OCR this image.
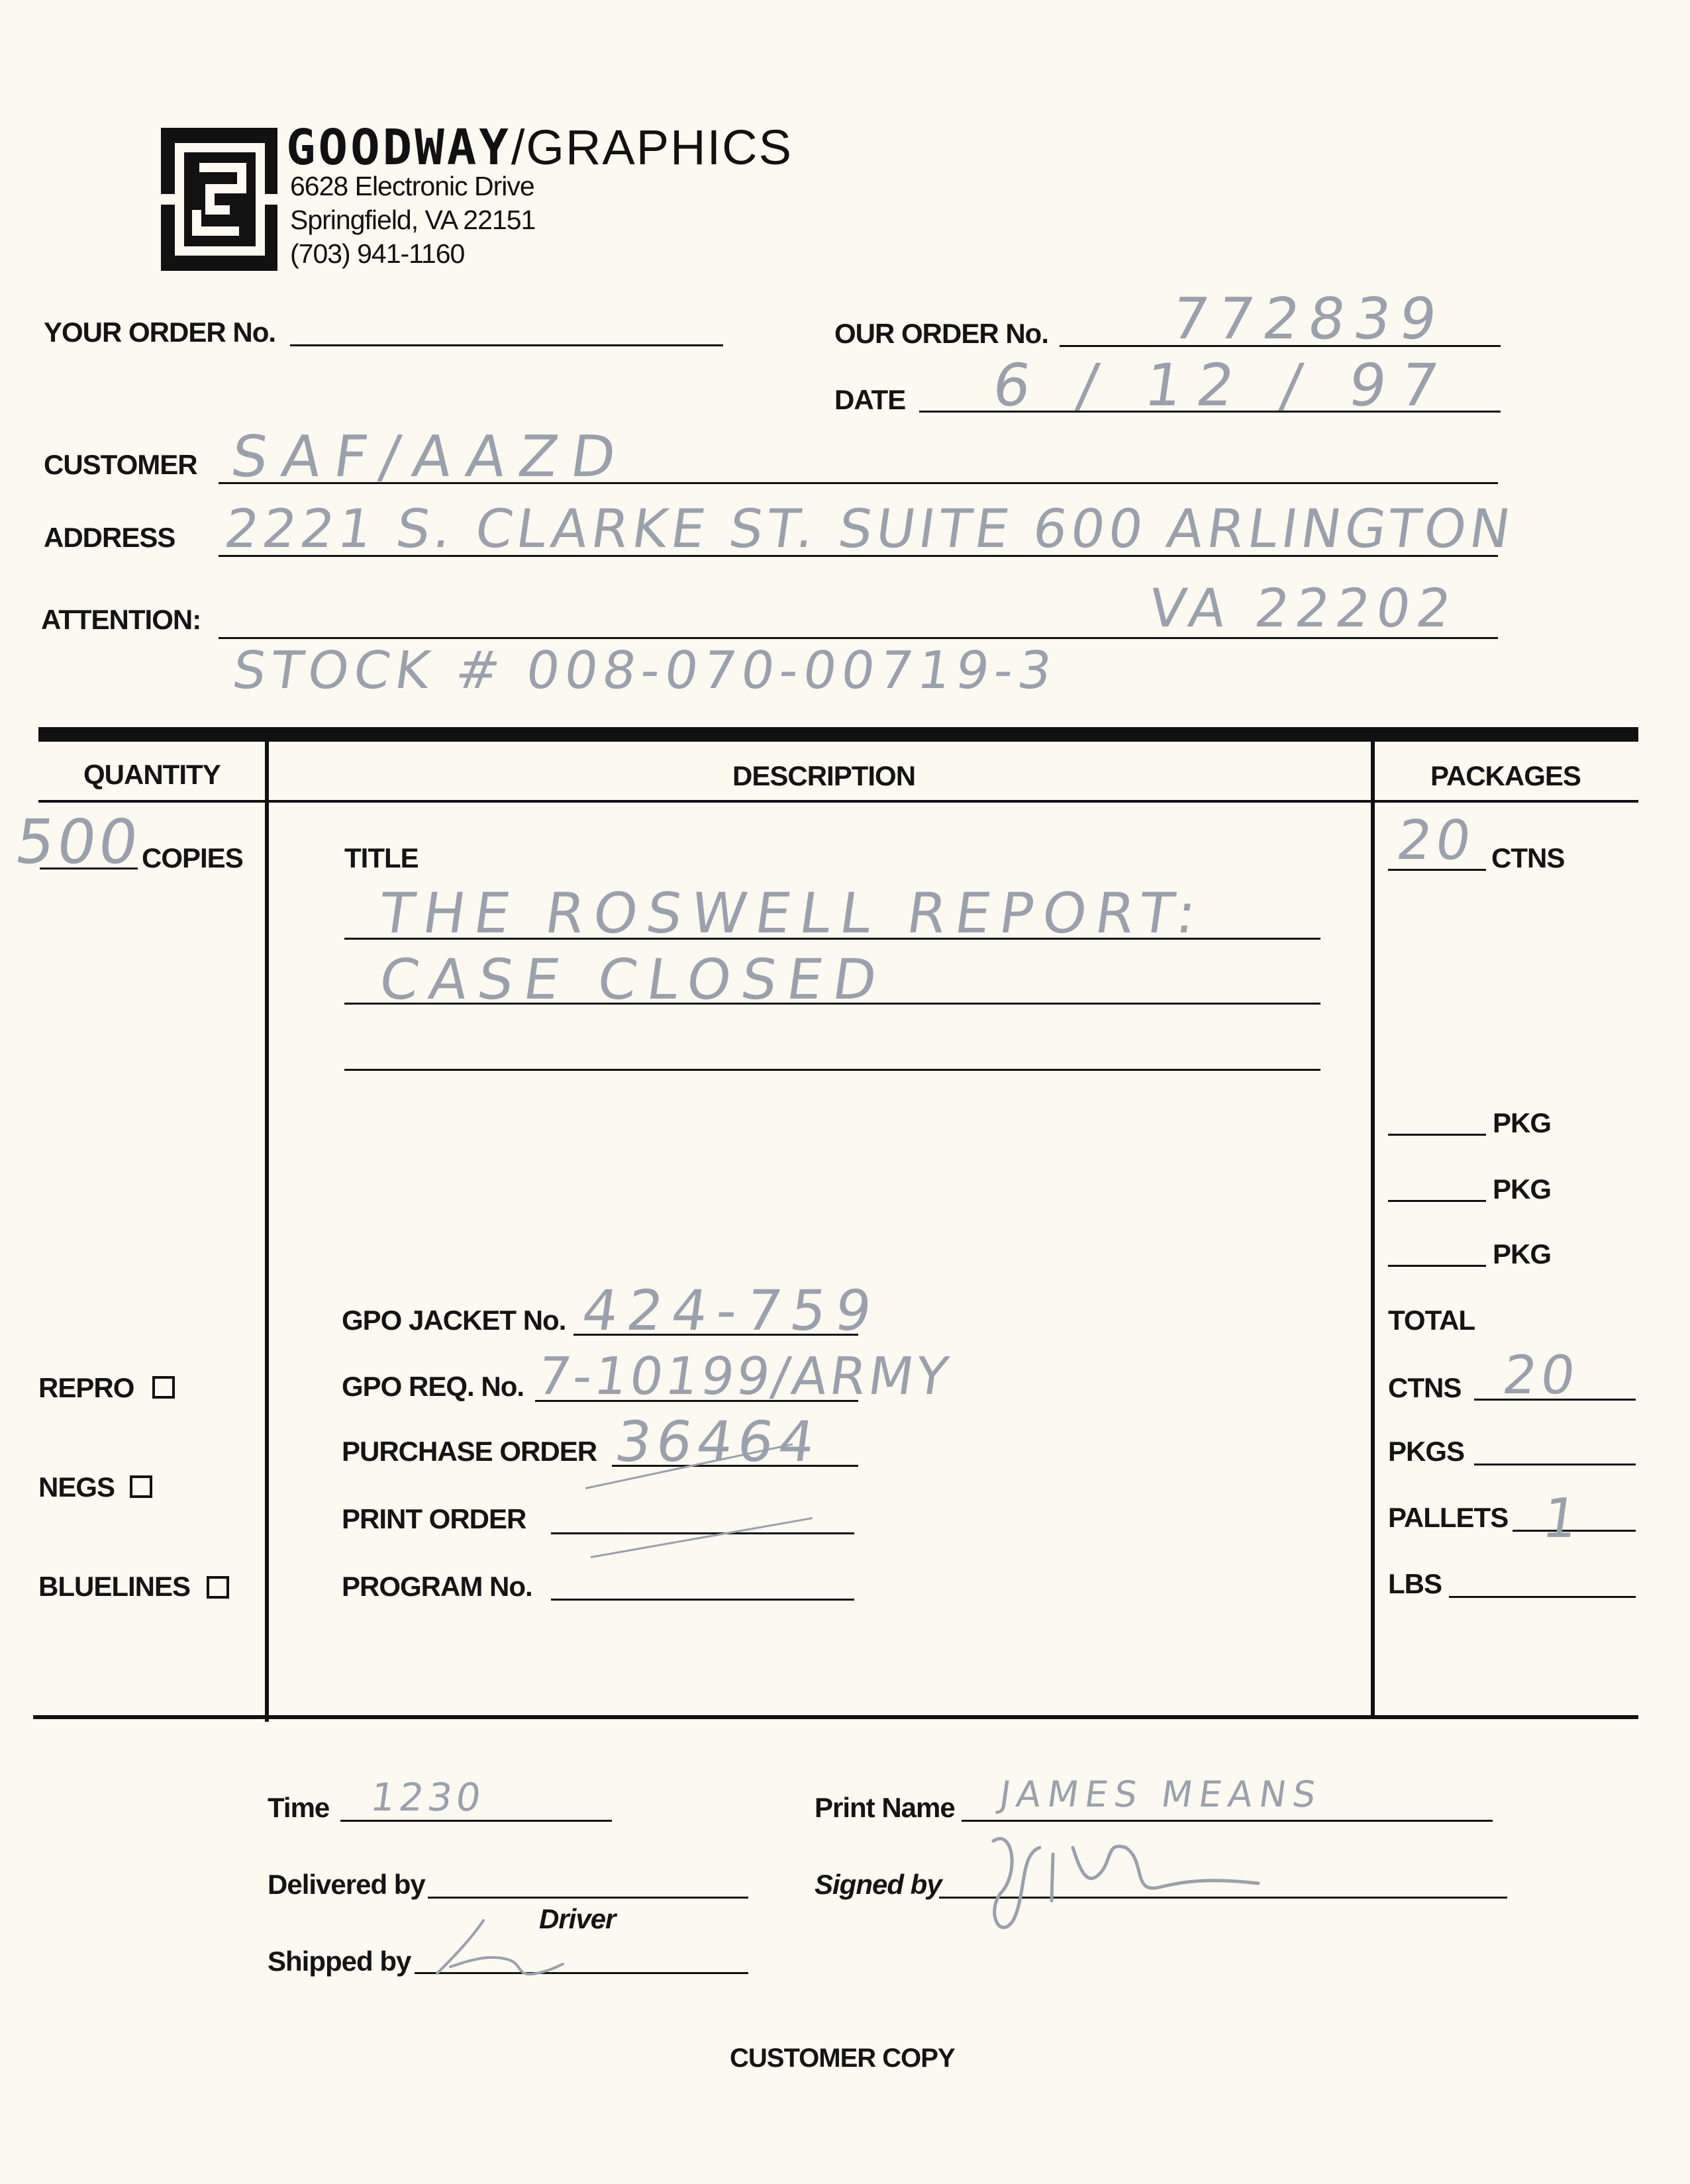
GOODWAY/GRAPHICS
6628 Electronic Drive
Springfield, VA 22151
(703) 941-1160
YOUR ORDER No.	OUR ORDER No. 772839
DATE 6 / 12 / 97
CUSTOMER SAF/AAZD
ADDRESS 2221 S. CLARKE ST. SUITE 600 ARLINGTON
ATTENTION:	VA 22202
STOCK # 008-070-00719-3
QUANTITY	DESCRIPTION	PACKAGES
500
COPIES
REPRO
NEGS
BLUELINES
TITLE
THE ROSWELL REPORT:
CASE CLOSED
GPO JACKET No. 424-759
GPO REQ. No. 7-10199/ARMY
PURCHASE ORDER 36464
PRINT ORDER
PROGRAM No.
20 CTNS
PKG
PKG
PKG
TOTAL
CTNS 20
PKGS
PALLETS 1
LBS
Time 1230	Print Name JAMES MEANS
Delivered by
Driver
Signed by
Shipped by
CUSTOMER COPY
